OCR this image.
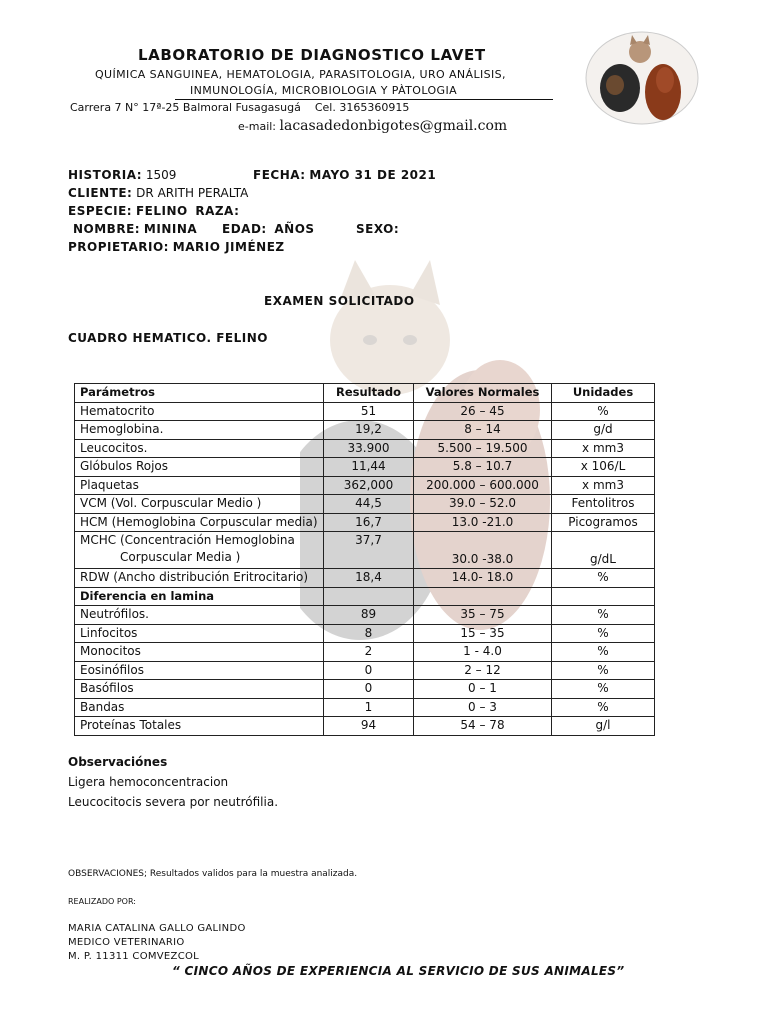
LABORATORIO DE DIAGNOSTICO LAVET
QUÍMICA SANGUINEA, HEMATOLOGIA, PARASITOLOGIA, URO ANÁLISIS,
INMUNOLOGÍA, MICROBIOLOGIA Y PÀTOLOGIA
Carrera 7 N° 17ª-25 Balmoral Fusagasugá Cel. 3165360915
e-mail: lacasadedonbigotes@gmail.com
HISTORIA: 1509	FECHA: MAYO 31 DE 2021
CLIENTE: DR ARITH PERALTA
ESPECIE: FELINO RAZA:
NOMBRE: MININA EDAD: AÑOS	SEXO:
PROPIETARIO: MARIO JIMÉNEZ
EXAMEN SOLICITADO
CUADRO HEMATICO. FELINO
Parámetros	Resultado	Valores Normales	Unidades
Hematocrito	51	26 – 45	%
Hemoglobina.	19,2	8 – 14	g/d
Leucocitos.	33.900	5.500 – 19.500	x mm3
Glóbulos Rojos	11,44	5.8 – 10.7	x 106/L
Plaquetas	362,000	200.000 – 600.000	x mm3
VCM (Vol. Corpuscular Medio )	44,5	39.0 – 52.0	Fentolitros
HCM (Hemoglobina Corpuscular media)	16,7	13.0 -21.0	Picogramos
MCHC (Concentración Hemoglobina

Corpuscular Media )	37,7	30.0 -38.0	g/dL
RDW (Ancho distribución Eritrocitario)	18,4	14.0- 18.0	%
Diferencia en lamina			
Neutrófilos.	89	35 – 75	%
Linfocitos	8	15 – 35	%
Monocitos	2	1 - 4.0	%
Eosinófilos	0	2 – 12	%
Basófilos	0	0 – 1	%
Bandas	1	0 – 3	%
Proteínas Totales	94	54 – 78	g/l
Observaciónes
Ligera hemoconcentracion
Leucocitocis severa por neutrófilia.
OBSERVACIONES; Resultados validos para la muestra analizada.
REALIZADO POR:
MARIA CATALINA GALLO GALINDO
MEDICO VETERINARIO
M. P. 11311 COMVEZCOL
“ CINCO AÑOS DE EXPERIENCIA AL SERVICIO DE SUS ANIMALES”
